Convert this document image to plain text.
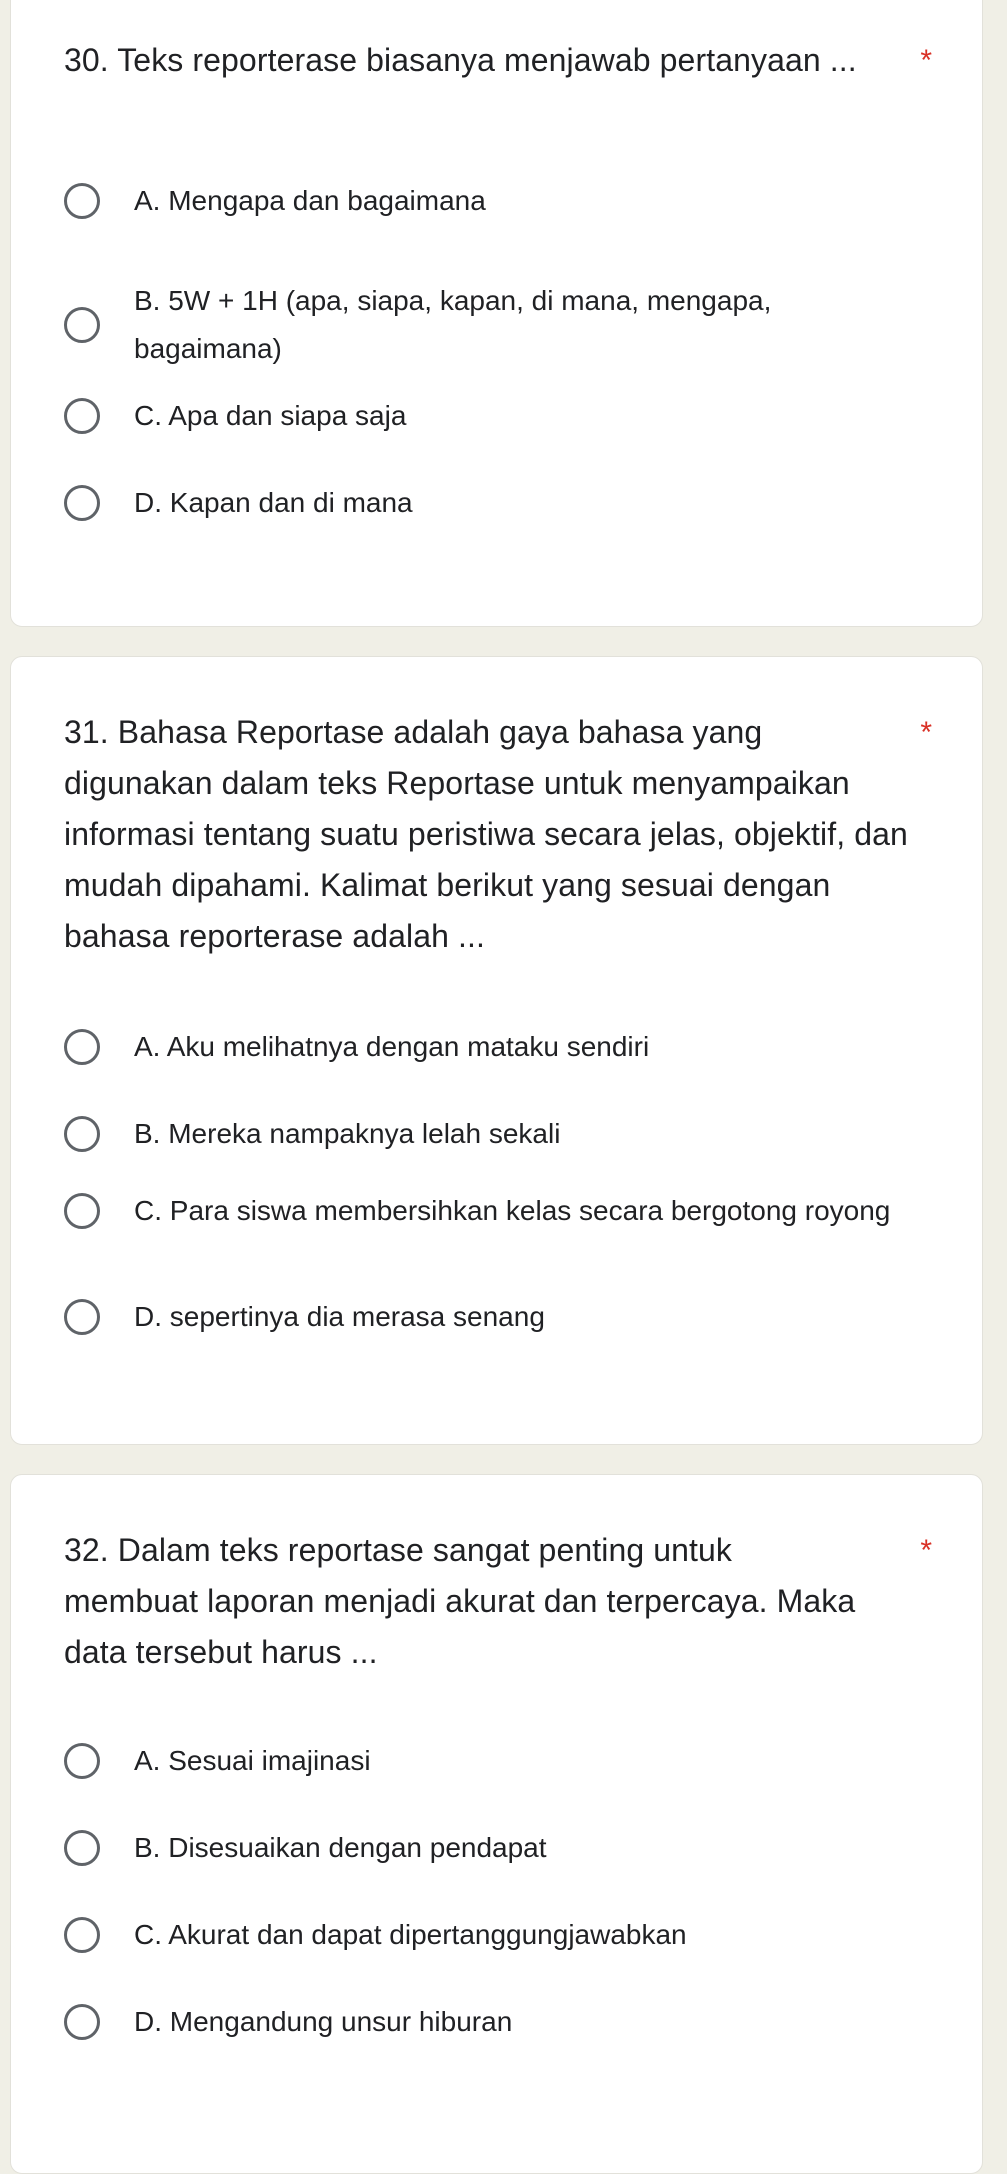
30. Teks reporterase biasanya menjawab pertanyaan ... *
A. Mengapa dan bagaimana
B. 5W + 1H (apa, siapa, kapan, di mana, mengapa, bagaimana)
C. Apa dan siapa saja
D. Kapan dan di mana
31. Bahasa Reportase adalah gaya bahasa yang digunakan dalam teks Reportase untuk menyampaikan informasi tentang suatu peristiwa secara jelas, objektif, dan mudah dipahami. Kalimat berikut yang sesuai dengan bahasa reporterase adalah ...
*
A. Aku melihatnya dengan mataku sendiri
B. Mereka nampaknya lelah sekali
C. Para siswa membersihkan kelas secara bergotong royong
D. sepertinya dia merasa senang
32. Dalam teks reportase sangat penting untuk membuat laporan menjadi akurat dan terpercaya. Maka data tersebut harus ...
*
A. Sesuai imajinasi
B. Disesuaikan dengan pendapat
C. Akurat dan dapat dipertanggungjawabkan
D. Mengandung unsur hiburan
